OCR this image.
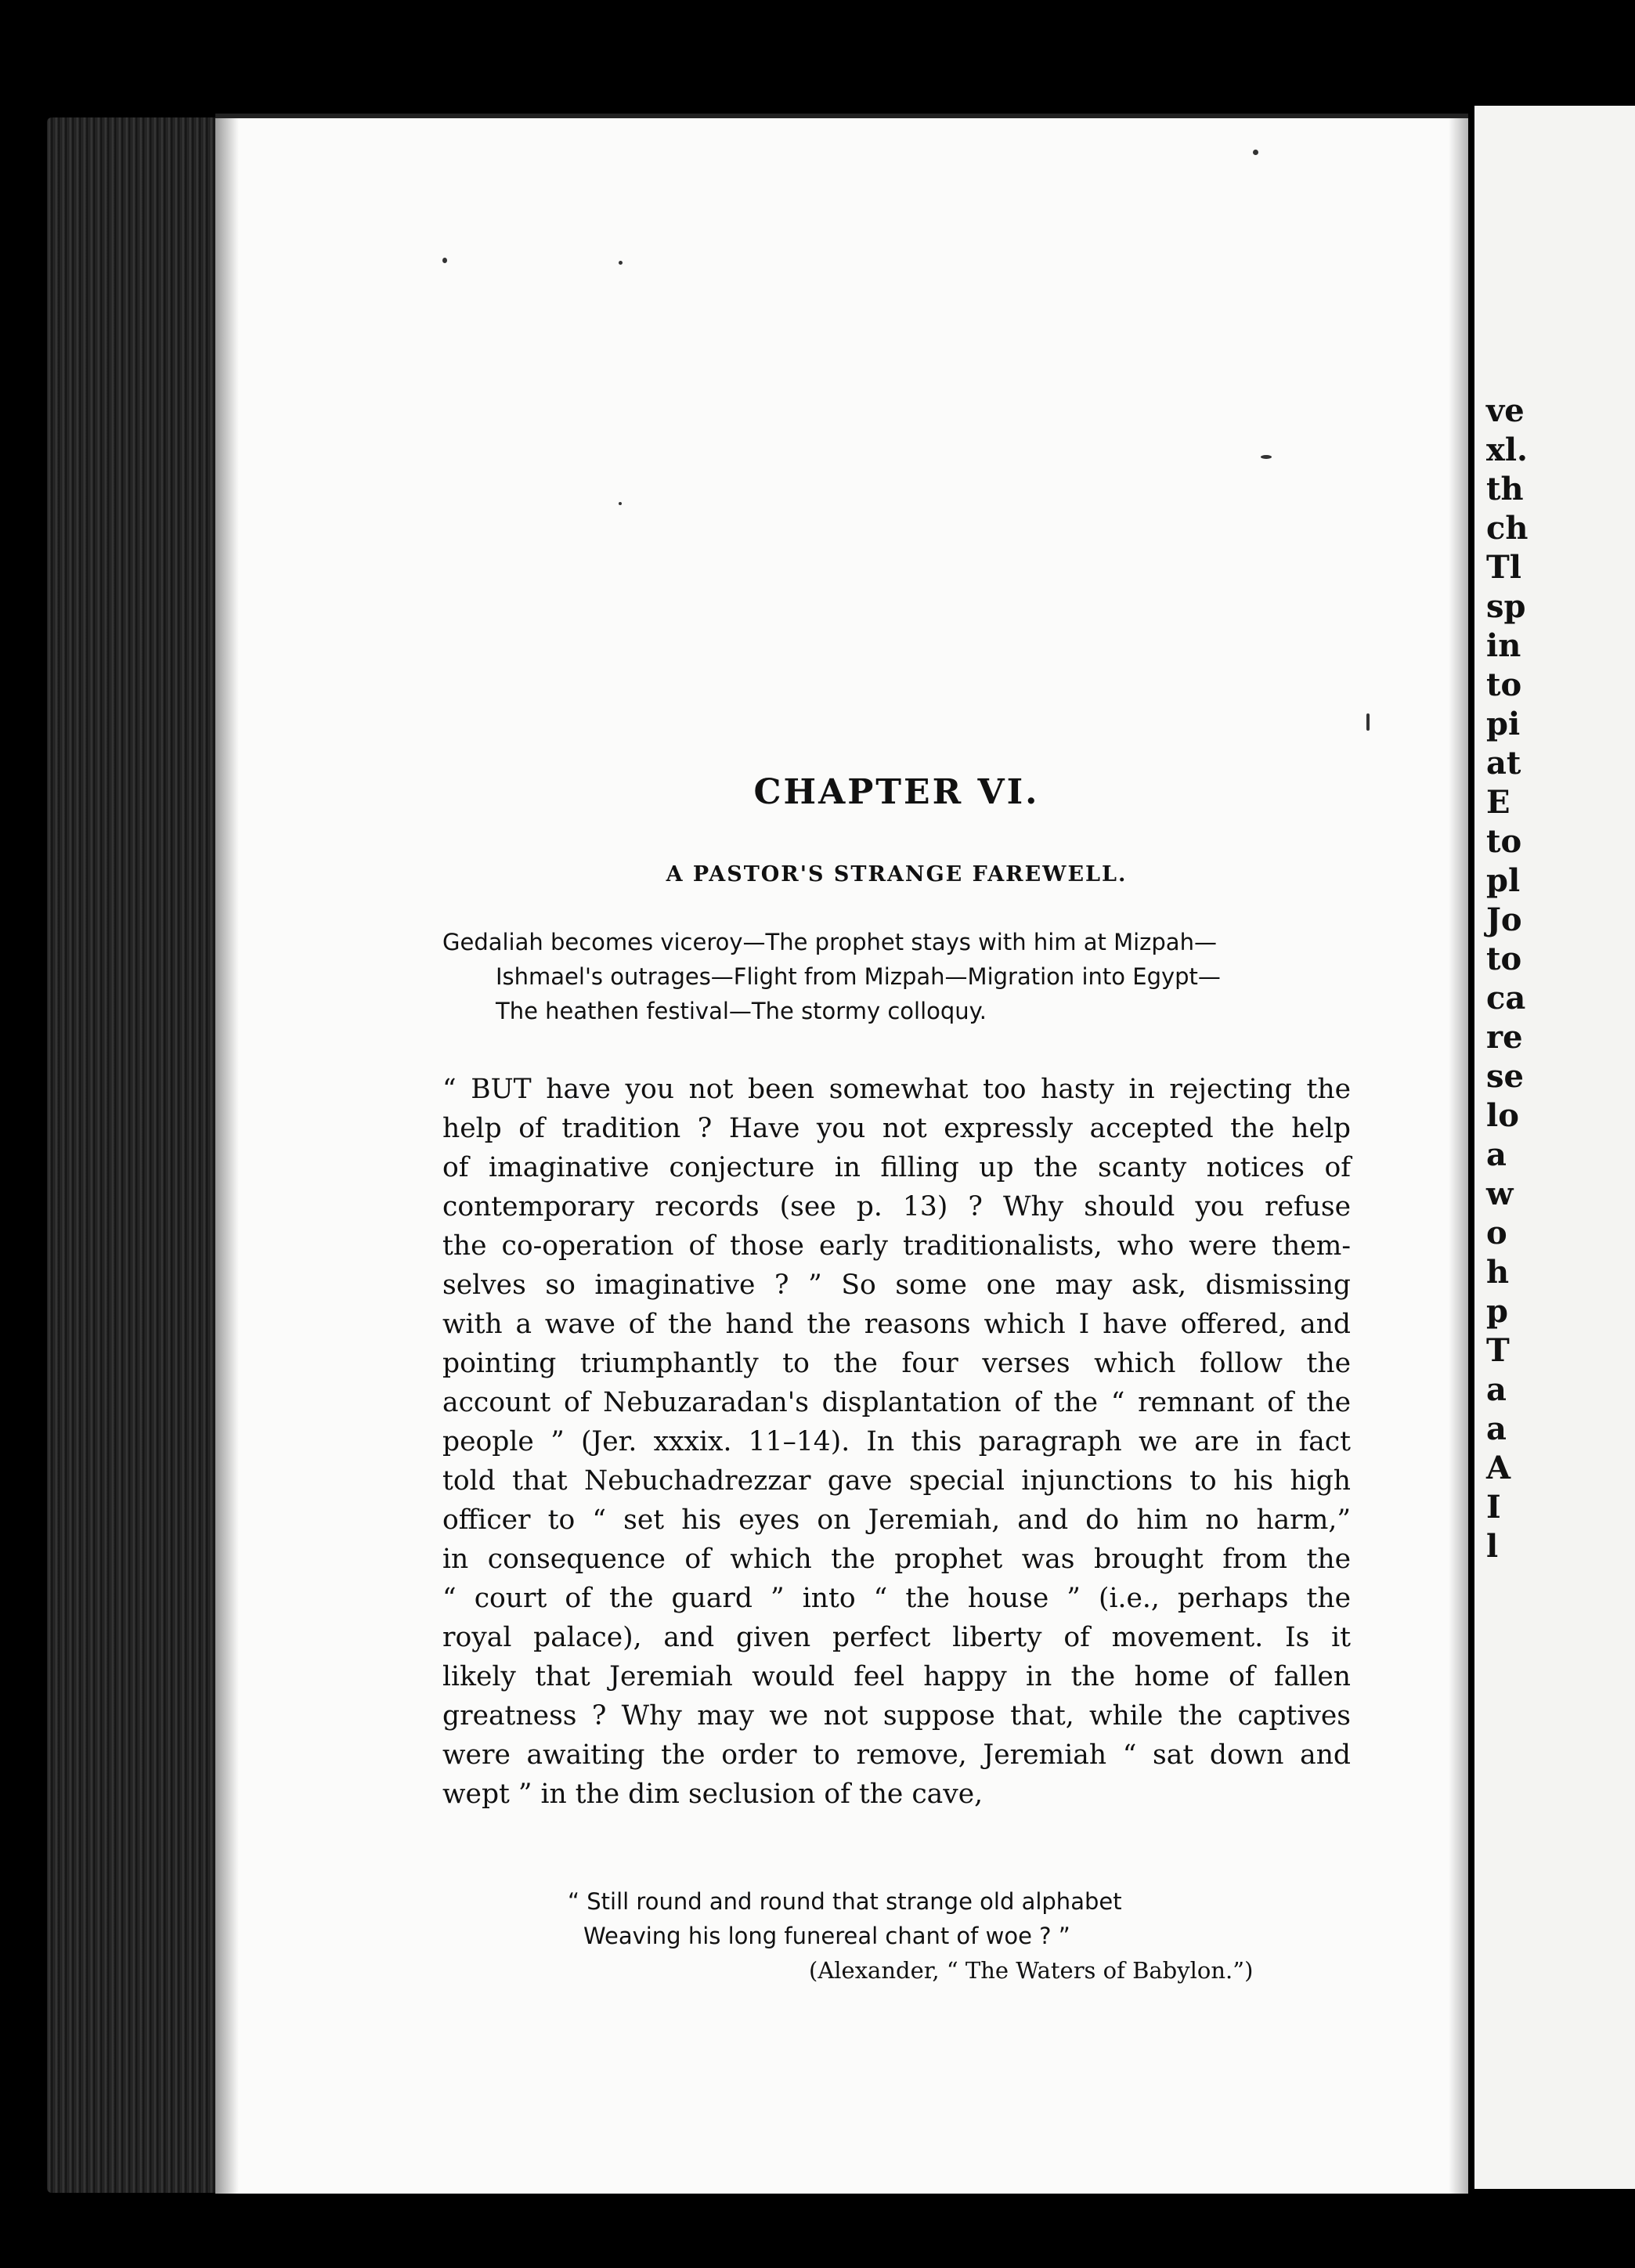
CHAPTER VI.
A PASTOR'S STRANGE FAREWELL.
Gedaliah becomes viceroy—The prophet stays with him at Mizpah—
Ishmael's outrages—Flight from Mizpah—Migration into Egypt—
The heathen festival—The stormy colloquy.
“ BUT have you not been somewhat too hasty in rejecting the
help of tradition ? Have you not expressly accepted the help
of imaginative conjecture in filling up the scanty notices of
contemporary records (see p. 13) ? Why should you refuse
the co-operation of those early traditionalists, who were them-
selves so imaginative ? ” So some one may ask, dismissing
with a wave of the hand the reasons which I have offered, and
pointing triumphantly to the four verses which follow the
account of Nebuzaradan's displantation of the “ remnant of the
people ” (Jer. xxxix. 11–14). In this paragraph we are in fact
told that Nebuchadrezzar gave special injunctions to his high
officer to “ set his eyes on Jeremiah, and do him no harm,”
in consequence of which the prophet was brought from the
“ court of the guard ” into “ the house ” (i.e., perhaps the
royal palace), and given perfect liberty of movement. Is it
likely that Jeremiah would feel happy in the home of fallen
greatness ? Why may we not suppose that, while the captives
were awaiting the order to remove, Jeremiah “ sat down and
wept ” in the dim seclusion of the cave,
“ Still round and round that strange old alphabet
Weaving his long funereal chant of woe ? ”
(Alexander, “ The Waters of Babylon.”)
ve
xl.
th
ch
Tl
sp
in
to
pi
at
E
to
pl
Jo
to
ca
re
se
lo
a
w
o
h
p
T
a
a
A
I
l
